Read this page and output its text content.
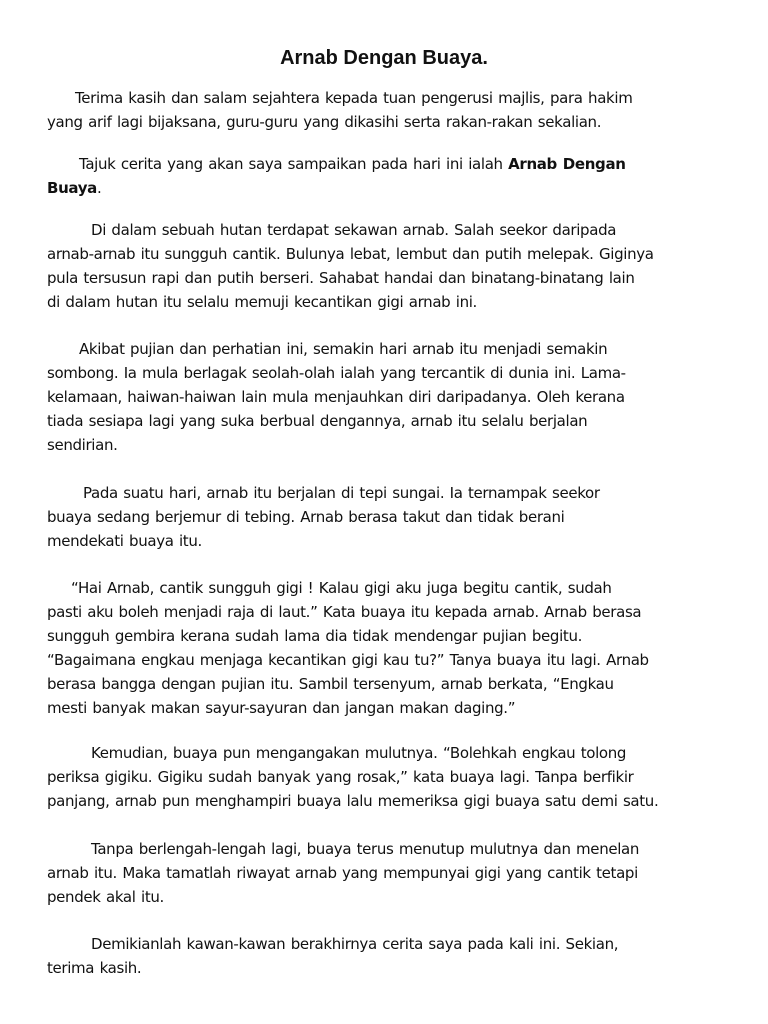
Arnab Dengan Buaya.

Terima kasih dan salam sejahtera kepada tuan pengerusi majlis, para hakim
yang arif lagi bijaksana, guru-guru yang dikasihi serta rakan-rakan sekalian.

Tajuk cerita yang akan saya sampaikan pada hari ini ialah Arnab Dengan
Buaya.

Di dalam sebuah hutan terdapat sekawan arnab. Salah seekor daripada
arnab-arnab itu sungguh cantik. Bulunya lebat, lembut dan putih melepak. Giginya
pula tersusun rapi dan putih berseri. Sahabat handai dan binatang-binatang lain
di dalam hutan itu selalu memuji kecantikan gigi arnab ini.

Akibat pujian dan perhatian ini, semakin hari arnab itu menjadi semakin
sombong. Ia mula berlagak seolah-olah ialah yang tercantik di dunia ini. Lama-
kelamaan, haiwan-haiwan lain mula menjauhkan diri daripadanya. Oleh kerana
tiada sesiapa lagi yang suka berbual dengannya, arnab itu selalu berjalan
sendirian.

Pada suatu hari, arnab itu berjalan di tepi sungai. Ia ternampak seekor
buaya sedang berjemur di tebing. Arnab berasa takut dan tidak berani
mendekati buaya itu.

“Hai Arnab, cantik sungguh gigi ! Kalau gigi aku juga begitu cantik, sudah
pasti aku boleh menjadi raja di laut.” Kata buaya itu kepada arnab. Arnab berasa
sungguh gembira kerana sudah lama dia tidak mendengar pujian begitu.
“Bagaimana engkau menjaga kecantikan gigi kau tu?” Tanya buaya itu lagi. Arnab
berasa bangga dengan pujian itu. Sambil tersenyum, arnab berkata, “Engkau
mesti banyak makan sayur-sayuran dan jangan makan daging.”

Kemudian, buaya pun mengangakan mulutnya. “Bolehkah engkau tolong
periksa gigiku. Gigiku sudah banyak yang rosak,” kata buaya lagi. Tanpa berfikir
panjang, arnab pun menghampiri buaya lalu memeriksa gigi buaya satu demi satu.

Tanpa berlengah-lengah lagi, buaya terus menutup mulutnya dan menelan
arnab itu. Maka tamatlah riwayat arnab yang mempunyai gigi yang cantik tetapi
pendek akal itu.

Demikianlah kawan-kawan berakhirnya cerita saya pada kali ini. Sekian,
terima kasih.
